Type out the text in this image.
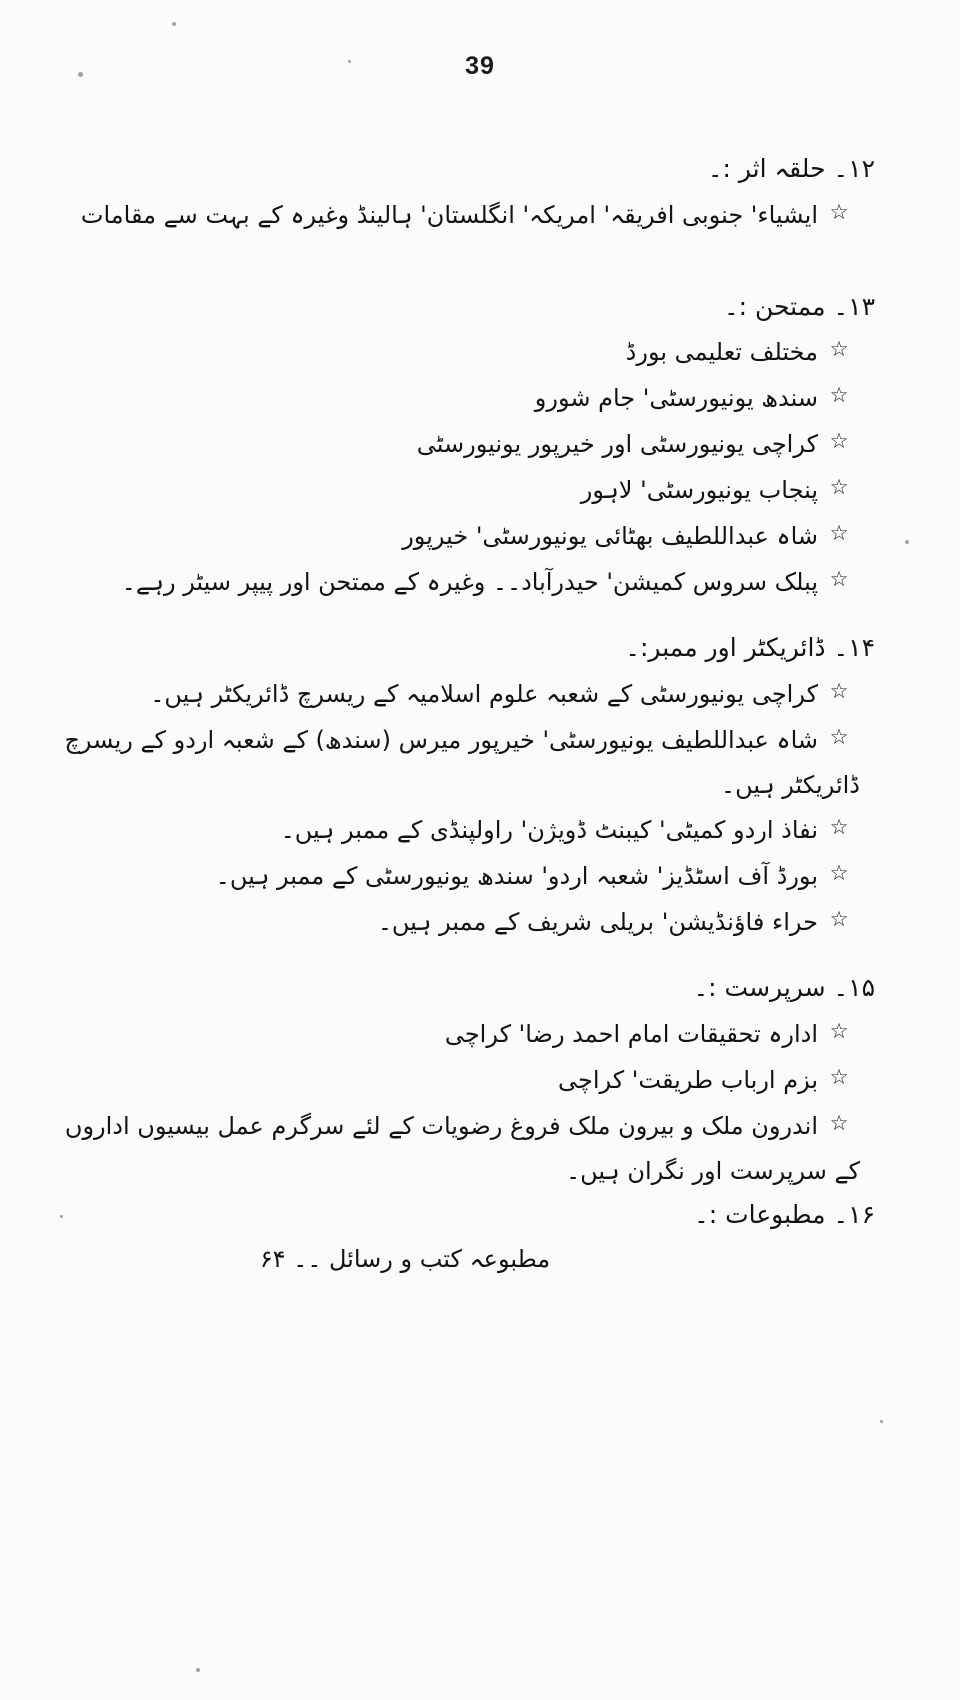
39
۱۲۔ حلقہ اثر :۔
☆
ایشیاء' جنوبی افریقہ' امریکہ' انگلستان' ہالینڈ وغیرہ کے بہت سے مقامات
۱۳۔ ممتحن :۔
☆
مختلف تعلیمی بورڈ
☆
سندھ یونیورسٹی' جام شورو
☆
کراچی یونیورسٹی اور خیرپور یونیورسٹی
☆
پنجاب یونیورسٹی' لاہور
☆
شاہ عبداللطیف بھٹائی یونیورسٹی' خیرپور
☆
پبلک سروس کمیشن' حیدرآباد۔۔ وغیرہ کے ممتحن اور پیپر سیٹر رہے۔
۱۴۔ ڈائریکٹر اور ممبر:۔
☆
کراچی یونیورسٹی کے شعبہ علوم اسلامیہ کے ریسرچ ڈائریکٹر ہیں۔
☆
شاہ عبداللطیف یونیورسٹی' خیرپور میرس (سندھ) کے شعبہ اردو کے ریسرچ
ڈائریکٹر ہیں۔
☆
نفاذ اردو کمیٹی' کیبنٹ ڈویژن' راولپنڈی کے ممبر ہیں۔
☆
بورڈ آف اسٹڈیز' شعبہ اردو' سندھ یونیورسٹی کے ممبر ہیں۔
☆
حراء فاؤنڈیشن' بریلی شریف کے ممبر ہیں۔
۱۵۔ سرپرست :۔
☆
ادارہ تحقیقات امام احمد رضا' کراچی
☆
بزم ارباب طریقت' کراچی
☆
اندرون ملک و بیرون ملک فروغ رضویات کے لئے سرگرم عمل بیسیوں اداروں
کے سرپرست اور نگران ہیں۔
۱۶۔ مطبوعات :۔
مطبوعہ کتب و رسائل ۔۔ ۶۴
